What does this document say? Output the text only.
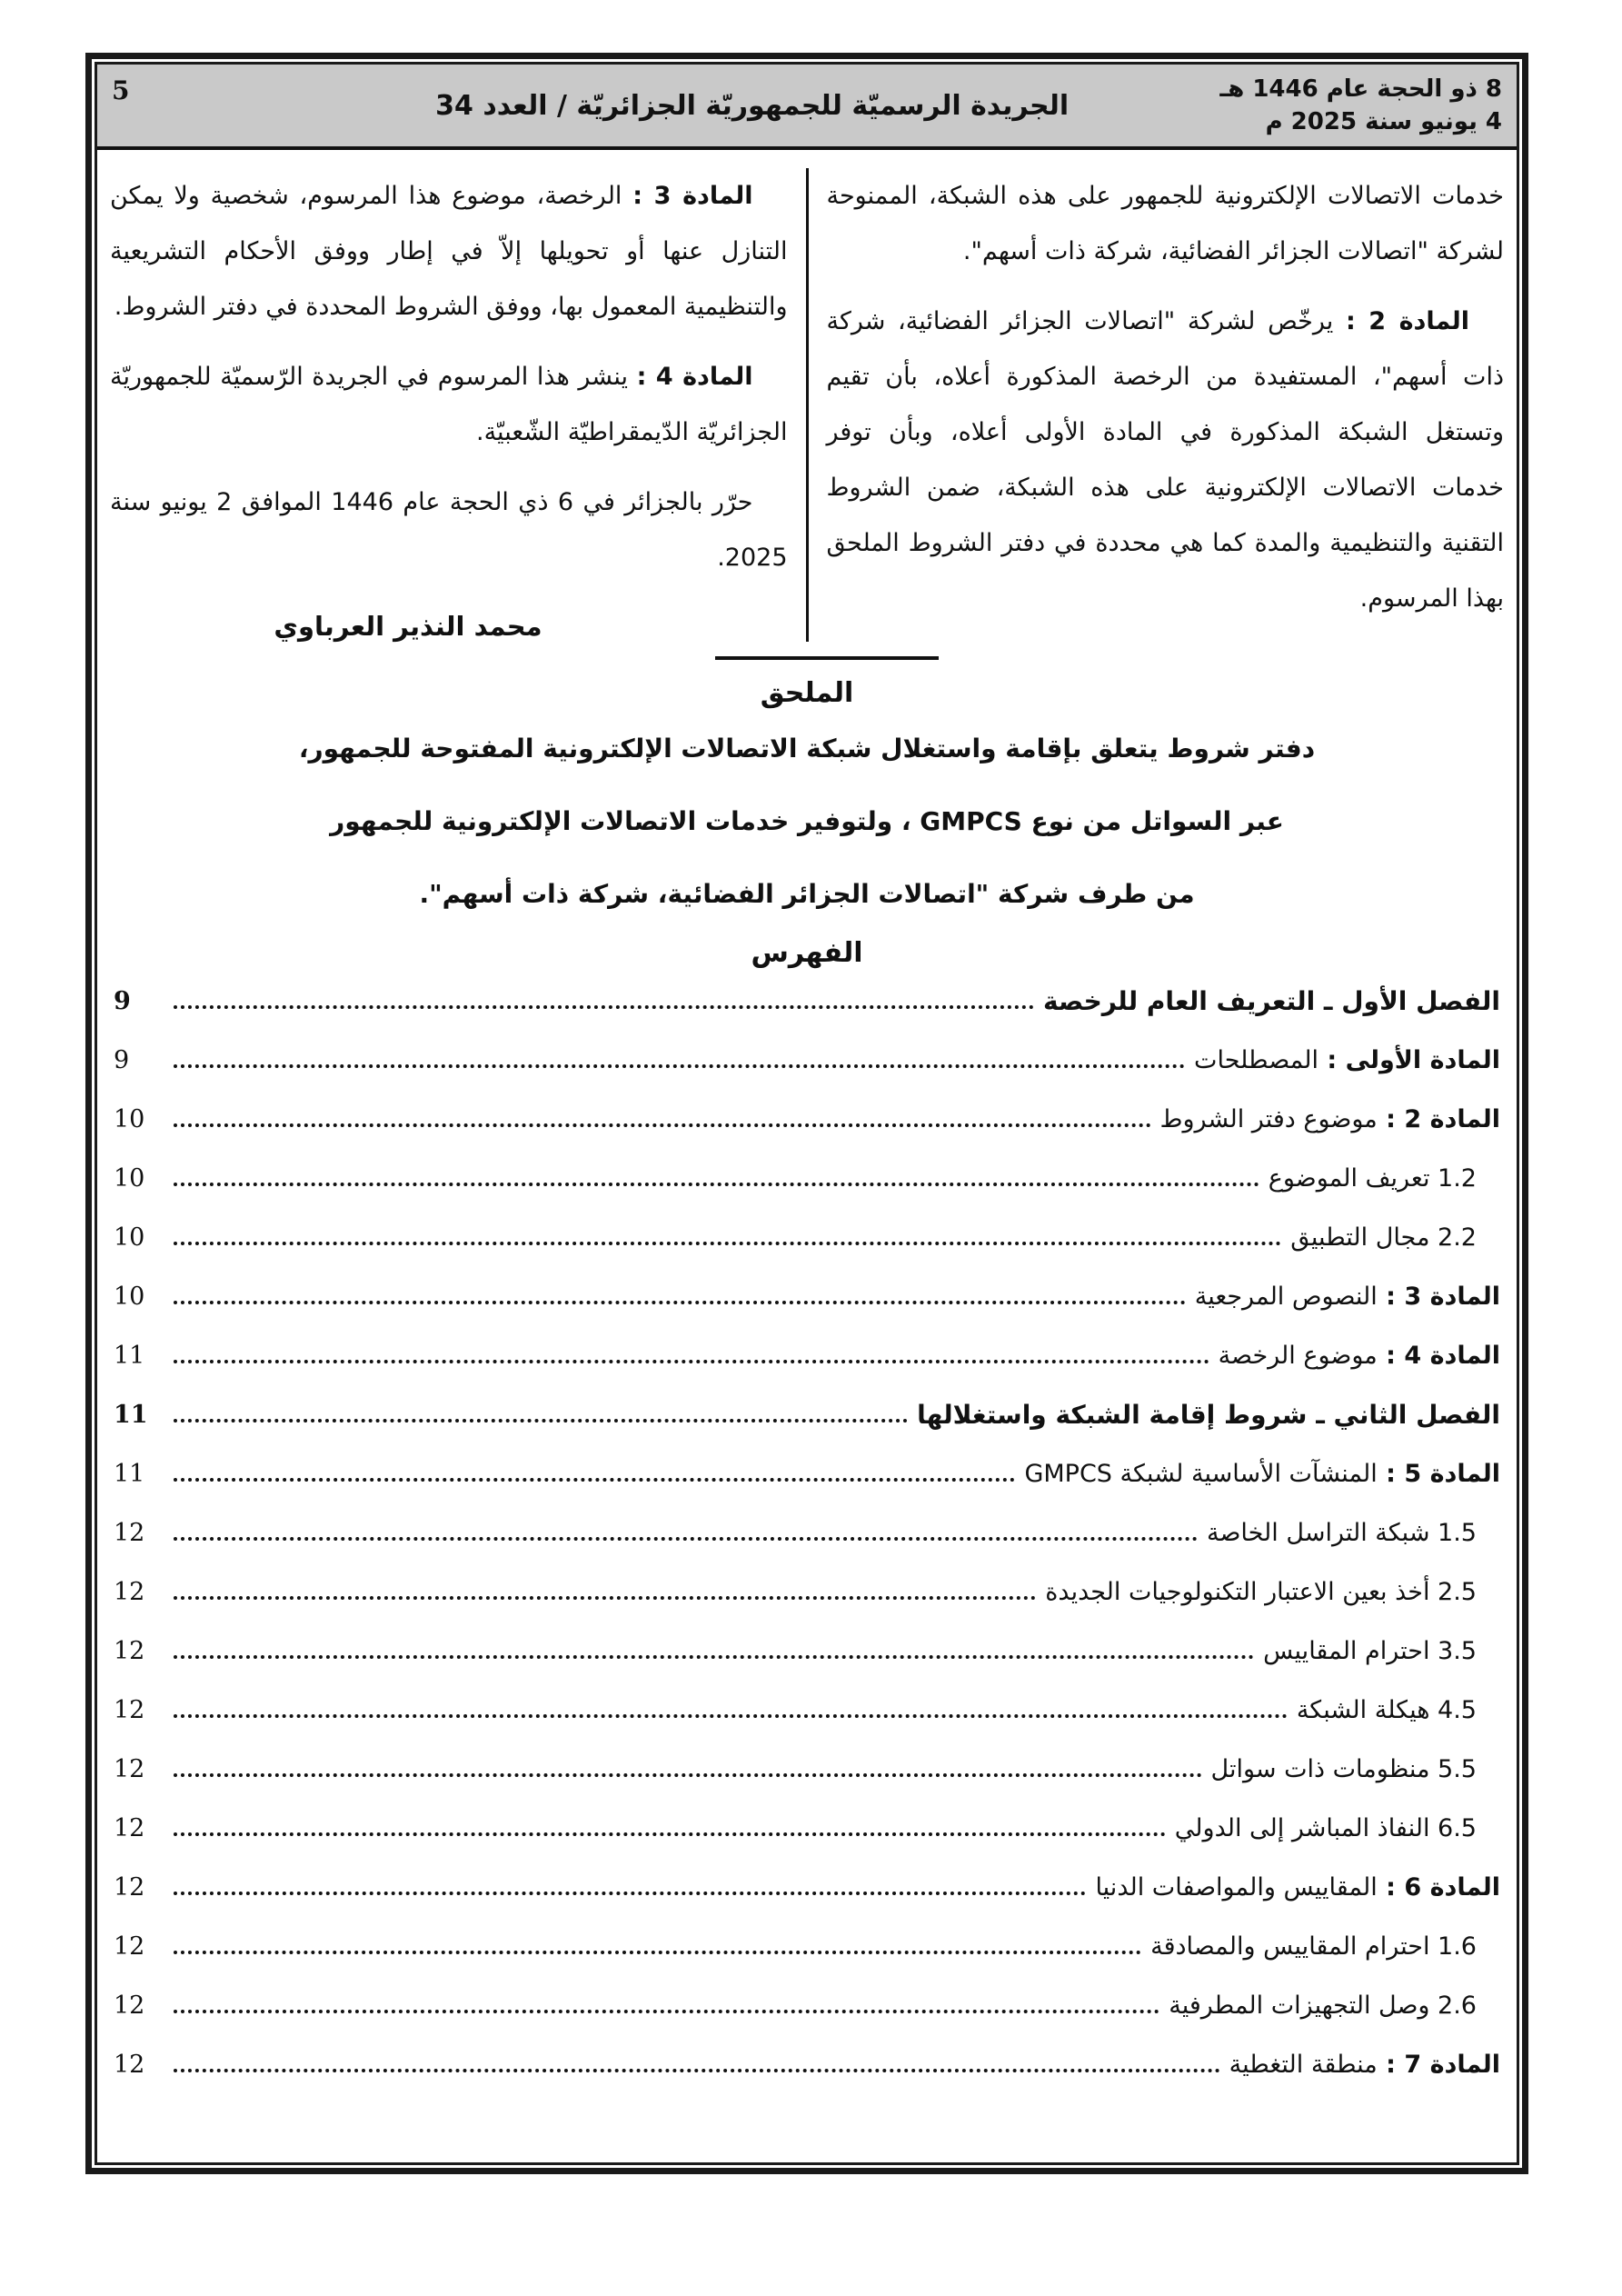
8 ذو الحجة عام 1446 هـ
4 يونيو سنة 2025 م
الجريدة الرسميّة للجمهوريّة الجزائريّة / العدد 34
5

خدمات الاتصالات الإلكترونية للجمهور على هذه الشبكة، الممنوحة لشركة "اتصالات الجزائر الفضائية، شركة ذات أسهم".

المادة 2 : يرخّص لشركة "اتصالات الجزائر الفضائية، شركة ذات أسهم"، المستفيدة من الرخصة المذكورة أعلاه، بأن تقيم وتستغل الشبكة المذكورة في المادة الأولى أعلاه، وبأن توفر خدمات الاتصالات الإلكترونية على هذه الشبكة، ضمن الشروط التقنية والتنظيمية والمدة كما هي محددة في دفتر الشروط الملحق بهذا المرسوم.

المادة 3 : الرخصة، موضوع هذا المرسوم، شخصية ولا يمكن التنازل عنها أو تحويلها إلاّ في إطار ووفق الأحكام التشريعية والتنظيمية المعمول بها، ووفق الشروط المحددة في دفتر الشروط.

المادة 4 : ينشر هذا المرسوم في الجريدة الرّسميّة للجمهوريّة الجزائريّة الدّيمقراطيّة الشّعبيّة.

حرّر بالجزائر في 6 ذي الحجة عام 1446 الموافق 2 يونيو سنة 2025.

محمد النذير العرباوي
الملحق
دفتر شروط يتعلق بإقامة واستغلال شبكة الاتصالات الإلكترونية المفتوحة للجمهور،
عبر السواتل من نوع GMPCS ، ولتوفير خدمات الاتصالات الإلكترونية للجمهور
من طرف شركة "اتصالات الجزائر الفضائية، شركة ذات أسهم".
الفهرس
الفصل الأول ـ التعريف العام للرخصة
9
المادة الأولى : المصطلحات
9
المادة 2 : موضوع دفتر الشروط
10
1.2 تعريف الموضوع
10
2.2 مجال التطبيق
10
المادة 3 : النصوص المرجعية
10
المادة 4 : موضوع الرخصة
11
الفصل الثاني ـ شروط إقامة الشبكة واستغلالها
11
المادة 5 : المنشآت الأساسية لشبكة GMPCS
11
1.5 شبكة التراسل الخاصة
12
2.5 أخذ بعين الاعتبار التكنولوجيات الجديدة
12
3.5 احترام المقاييس
12
4.5 هيكلة الشبكة
12
5.5 منظومات ذات سواتل
12
6.5 النفاذ المباشر إلى الدولي
12
المادة 6 : المقاييس والمواصفات الدنيا
12
1.6 احترام المقاييس والمصادقة
12
2.6 وصل التجهيزات المطرفية
12
المادة 7 : منطقة التغطية
12
